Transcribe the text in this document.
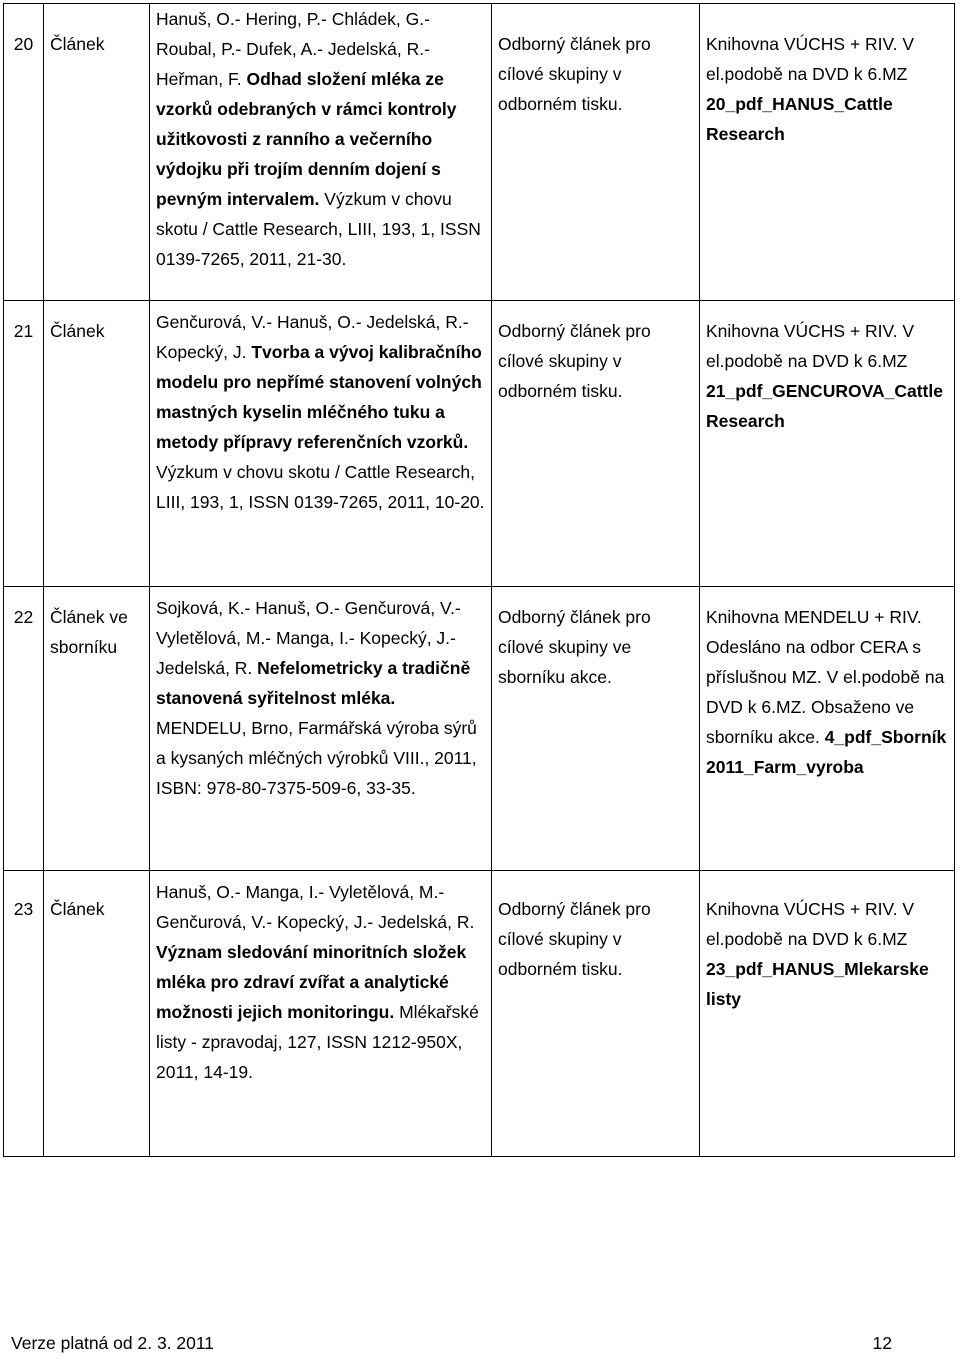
20	Článek	Hanuš, O.- Hering, P.- Chládek, G.- Roubal, P.- Dufek, A.- Jedelská, R.- Heřman, F. Odhad složení mléka ze vzorků odebraných v rámci kontroly užitkovosti z ranního a večerního výdojku při trojím denním dojení s pevným intervalem. Výzkum v chovu skotu / Cattle Research, LIII, 193, 1, ISSN 0139-7265, 2011, 21-30.	Odborný článek pro cílové skupiny v odborném tisku.	Knihovna VÚCHS + RIV. V el.podobě na DVD k 6.MZ 20_pdf_HANUS_Cattle Research
21	Článek	Genčurová, V.- Hanuš, O.- Jedelská, R.- Kopecký, J. Tvorba a vývoj kalibračního modelu pro nepřímé stanovení volných mastných kyselin mléčného tuku a metody přípravy referenčních vzorků. Výzkum v chovu skotu / Cattle Research, LIII, 193, 1, ISSN 0139-7265, 2011, 10-20.	Odborný článek pro cílové skupiny v odborném tisku.	Knihovna VÚCHS + RIV. V el.podobě na DVD k 6.MZ 21_pdf_GENCUROVA_Cattle Research
22	Článek ve sborníku	Sojková, K.- Hanuš, O.- Genčurová, V.- Vyletělová, M.- Manga, I.- Kopecký, J.- Jedelská, R. Nefelometricky a tradičně stanovená syřitelnost mléka. MENDELU, Brno, Farmářská výroba sýrů a kysaných mléčných výrobků VIII., 2011, ISBN: 978-80-7375-509-6, 33-35.	Odborný článek pro cílové skupiny ve sborníku akce.	Knihovna MENDELU + RIV. Odesláno na odbor CERA s příslušnou MZ. V el.podobě na DVD k 6.MZ. Obsaženo ve sborníku akce. 4_pdf_Sborník 2011_Farm_vyroba
23	Článek	Hanuš, O.- Manga, I.- Vyletělová, M.- Genčurová, V.- Kopecký, J.- Jedelská, R. Význam sledování minoritních složek mléka pro zdraví zvířat a analytické možnosti jejich monitoringu. Mlékařské listy - zpravodaj, 127, ISSN 1212-950X, 2011, 14-19.	Odborný článek pro cílové skupiny v odborném tisku.	Knihovna VÚCHS + RIV. V el.podobě na DVD k 6.MZ 23_pdf_HANUS_Mlekarske listy
Verze platná od 2. 3. 2011	12
